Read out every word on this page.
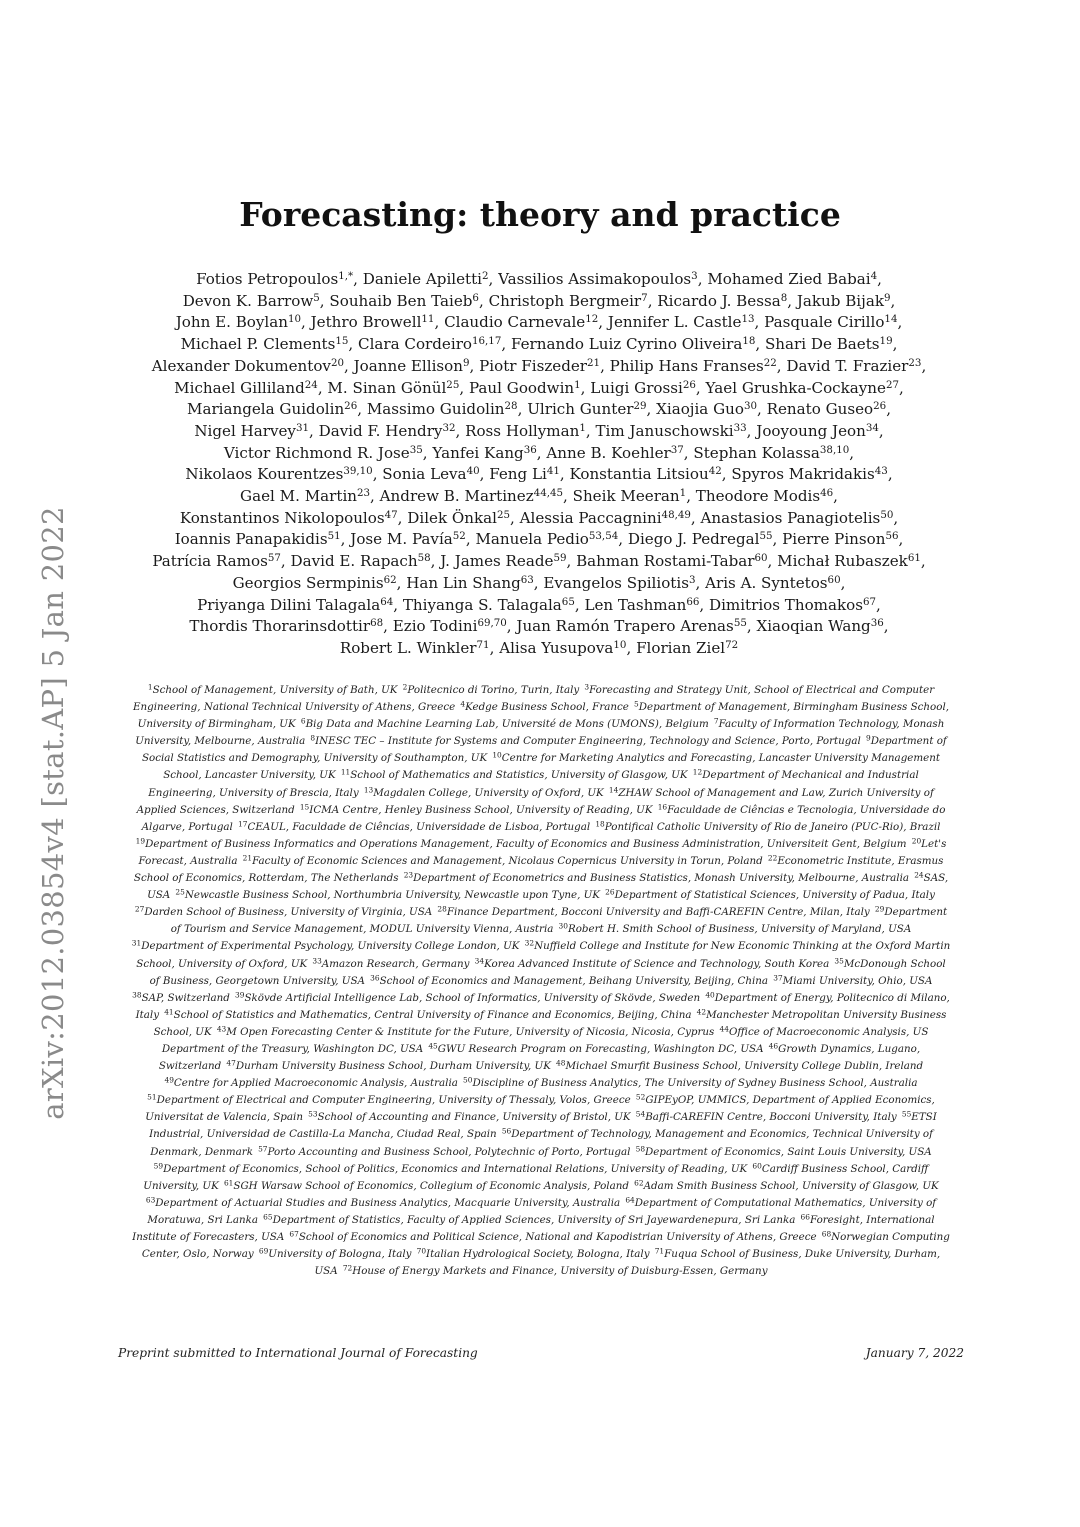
arXiv:2012.03854v4 [stat.AP] 5 Jan 2022
Forecasting: theory and practice
Fotios Petropoulos$^{1,*}$, Daniele Apiletti$^2$, Vassilios Assimakopoulos$^3$, Mohamed Zied Babai$^4$,
Devon K. Barrow$^5$, Souhaib Ben Taieb$^6$, Christoph Bergmeir$^7$, Ricardo J. Bessa$^8$, Jakub Bijak$^9$,
John E. Boylan$^{10}$, Jethro Browell$^{11}$, Claudio Carnevale$^{12}$, Jennifer L. Castle$^{13}$, Pasquale Cirillo$^{14}$,
Michael P. Clements$^{15}$, Clara Cordeiro$^{16,17}$, Fernando Luiz Cyrino Oliveira$^{18}$, Shari De Baets$^{19}$,
Alexander Dokumentov$^{20}$, Joanne Ellison$^9$, Piotr Fiszeder$^{21}$, Philip Hans Franses$^{22}$, David T. Frazier$^{23}$,
Michael Gilliland$^{24}$, M. Sinan Gönül$^{25}$, Paul Goodwin$^1$, Luigi Grossi$^{26}$, Yael Grushka-Cockayne$^{27}$,
Mariangela Guidolin$^{26}$, Massimo Guidolin$^{28}$, Ulrich Gunter$^{29}$, Xiaojia Guo$^{30}$, Renato Guseo$^{26}$,
Nigel Harvey$^{31}$, David F. Hendry$^{32}$, Ross Hollyman$^1$, Tim Januschowski$^{33}$, Jooyoung Jeon$^{34}$,
Victor Richmond R. Jose$^{35}$, Yanfei Kang$^{36}$, Anne B. Koehler$^{37}$, Stephan Kolassa$^{38,10}$,
Nikolaos Kourentzes$^{39,10}$, Sonia Leva$^{40}$, Feng Li$^{41}$, Konstantia Litsiou$^{42}$, Spyros Makridakis$^{43}$,
Gael M. Martin$^{23}$, Andrew B. Martinez$^{44,45}$, Sheik Meeran$^1$, Theodore Modis$^{46}$,
Konstantinos Nikolopoulos$^{47}$, Dilek Önkal$^{25}$, Alessia Paccagnini$^{48,49}$, Anastasios Panagiotelis$^{50}$,
Ioannis Panapakidis$^{51}$, Jose M. Pavía$^{52}$, Manuela Pedio$^{53,54}$, Diego J. Pedregal$^{55}$, Pierre Pinson$^{56}$,
Patrícia Ramos$^{57}$, David E. Rapach$^{58}$, J. James Reade$^{59}$, Bahman Rostami-Tabar$^{60}$, Michał Rubaszek$^{61}$,
Georgios Sermpinis$^{62}$, Han Lin Shang$^{63}$, Evangelos Spiliotis$^3$, Aris A. Syntetos$^{60}$,
Priyanga Dilini Talagala$^{64}$, Thiyanga S. Talagala$^{65}$, Len Tashman$^{66}$, Dimitrios Thomakos$^{67}$,
Thordis Thorarinsdottir$^{68}$, Ezio Todini$^{69,70}$, Juan Ramón Trapero Arenas$^{55}$, Xiaoqian Wang$^{36}$,
Robert L. Winkler$^{71}$, Alisa Yusupova$^{10}$, Florian Ziel$^{72}$
$^1$School of Management, University of Bath, UK  $^2$Politecnico di Torino, Turin, Italy  $^3$Forecasting and Strategy Unit, School of Electrical and Computer
Engineering, National Technical University of Athens, Greece  $^4$Kedge Business School, France  $^5$Department of Management, Birmingham Business School,
University of Birmingham, UK  $^6$Big Data and Machine Learning Lab, Université de Mons (UMONS), Belgium  $^7$Faculty of Information Technology, Monash
University, Melbourne, Australia  $^8$INESC TEC – Institute for Systems and Computer Engineering, Technology and Science, Porto, Portugal  $^9$Department of
Social Statistics and Demography, University of Southampton, UK  $^{10}$Centre for Marketing Analytics and Forecasting, Lancaster University Management
School, Lancaster University, UK  $^{11}$School of Mathematics and Statistics, University of Glasgow, UK  $^{12}$Department of Mechanical and Industrial
Engineering, University of Brescia, Italy  $^{13}$Magdalen College, University of Oxford, UK  $^{14}$ZHAW School of Management and Law, Zurich University of
Applied Sciences, Switzerland  $^{15}$ICMA Centre, Henley Business School, University of Reading, UK  $^{16}$Faculdade de Ciências e Tecnologia, Universidade do
Algarve, Portugal  $^{17}$CEAUL, Faculdade de Ciências, Universidade de Lisboa, Portugal  $^{18}$Pontifical Catholic University of Rio de Janeiro (PUC-Rio), Brazil
$^{19}$Department of Business Informatics and Operations Management, Faculty of Economics and Business Administration, Universiteit Gent, Belgium  $^{20}$Let's
Forecast, Australia  $^{21}$Faculty of Economic Sciences and Management, Nicolaus Copernicus University in Torun, Poland  $^{22}$Econometric Institute, Erasmus
School of Economics, Rotterdam, The Netherlands  $^{23}$Department of Econometrics and Business Statistics, Monash University, Melbourne, Australia  $^{24}$SAS,
USA  $^{25}$Newcastle Business School, Northumbria University, Newcastle upon Tyne, UK  $^{26}$Department of Statistical Sciences, University of Padua, Italy
$^{27}$Darden School of Business, University of Virginia, USA  $^{28}$Finance Department, Bocconi University and Baffi-CAREFIN Centre, Milan, Italy  $^{29}$Department
of Tourism and Service Management, MODUL University Vienna, Austria  $^{30}$Robert H. Smith School of Business, University of Maryland, USA
$^{31}$Department of Experimental Psychology, University College London, UK  $^{32}$Nuffield College and Institute for New Economic Thinking at the Oxford Martin
School, University of Oxford, UK  $^{33}$Amazon Research, Germany  $^{34}$Korea Advanced Institute of Science and Technology, South Korea  $^{35}$McDonough School
of Business, Georgetown University, USA  $^{36}$School of Economics and Management, Beihang University, Beijing, China  $^{37}$Miami University, Ohio, USA
$^{38}$SAP, Switzerland  $^{39}$Skövde Artificial Intelligence Lab, School of Informatics, University of Skövde, Sweden  $^{40}$Department of Energy, Politecnico di Milano,
Italy  $^{41}$School of Statistics and Mathematics, Central University of Finance and Economics, Beijing, China  $^{42}$Manchester Metropolitan University Business
School, UK  $^{43}$M Open Forecasting Center & Institute for the Future, University of Nicosia, Nicosia, Cyprus  $^{44}$Office of Macroeconomic Analysis, US
Department of the Treasury, Washington DC, USA  $^{45}$GWU Research Program on Forecasting, Washington DC, USA  $^{46}$Growth Dynamics, Lugano,
Switzerland  $^{47}$Durham University Business School, Durham University, UK  $^{48}$Michael Smurfit Business School, University College Dublin, Ireland
$^{49}$Centre for Applied Macroeconomic Analysis, Australia  $^{50}$Discipline of Business Analytics, The University of Sydney Business School, Australia
$^{51}$Department of Electrical and Computer Engineering, University of Thessaly, Volos, Greece  $^{52}$GIPEyOP, UMMICS, Department of Applied Economics,
Universitat de Valencia, Spain  $^{53}$School of Accounting and Finance, University of Bristol, UK  $^{54}$Baffi-CAREFIN Centre, Bocconi University, Italy  $^{55}$ETSI
Industrial, Universidad de Castilla-La Mancha, Ciudad Real, Spain  $^{56}$Department of Technology, Management and Economics, Technical University of
Denmark, Denmark  $^{57}$Porto Accounting and Business School, Polytechnic of Porto, Portugal  $^{58}$Department of Economics, Saint Louis University, USA
$^{59}$Department of Economics, School of Politics, Economics and International Relations, University of Reading, UK  $^{60}$Cardiff Business School, Cardiff
University, UK  $^{61}$SGH Warsaw School of Economics, Collegium of Economic Analysis, Poland  $^{62}$Adam Smith Business School, University of Glasgow, UK
$^{63}$Department of Actuarial Studies and Business Analytics, Macquarie University, Australia  $^{64}$Department of Computational Mathematics, University of
Moratuwa, Sri Lanka  $^{65}$Department of Statistics, Faculty of Applied Sciences, University of Sri Jayewardenepura, Sri Lanka  $^{66}$Foresight, International
Institute of Forecasters, USA  $^{67}$School of Economics and Political Science, National and Kapodistrian University of Athens, Greece  $^{68}$Norwegian Computing
Center, Oslo, Norway  $^{69}$University of Bologna, Italy  $^{70}$Italian Hydrological Society, Bologna, Italy  $^{71}$Fuqua School of Business, Duke University, Durham,
USA  $^{72}$House of Energy Markets and Finance, University of Duisburg-Essen, Germany
Preprint submitted to International Journal of Forecasting	January 7, 2022
